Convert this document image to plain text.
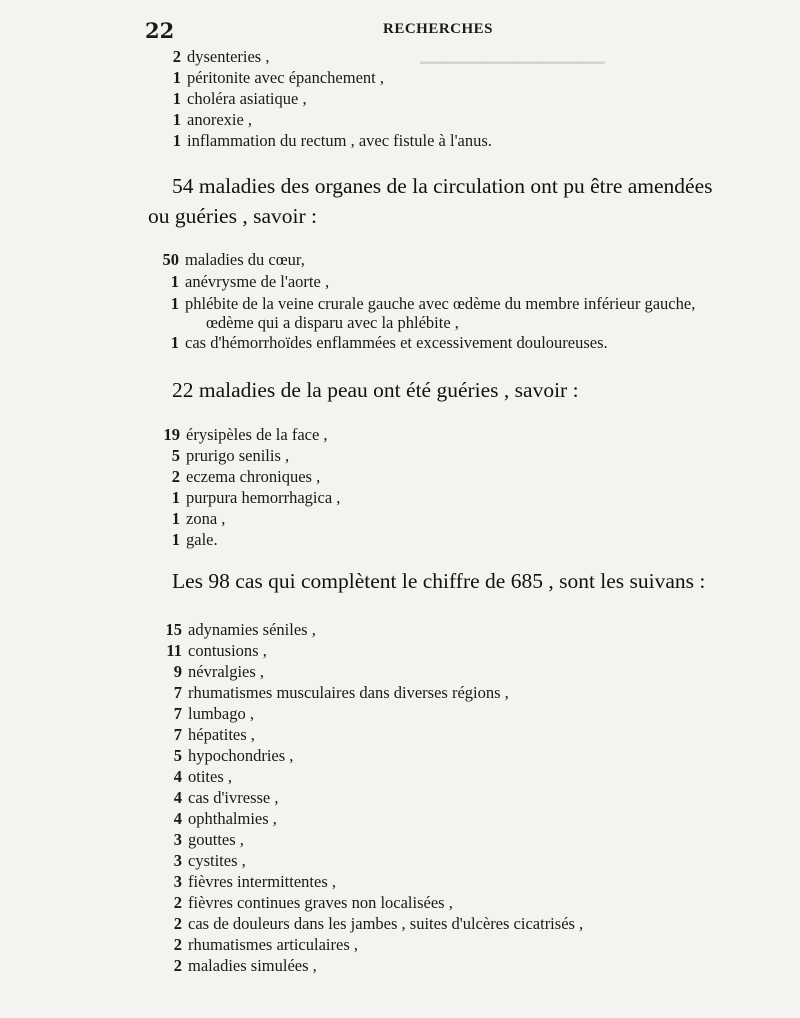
▁▁▁▁▁▁▁▁▁▁▁▁▁▁▁
22	RECHERCHES
2 dysenteries ,
1 péritonite avec épanchement ,
1 choléra asiatique ,
1 anorexie ,
1 inflammation du rectum , avec fistule à l'anus.
54 maladies des organes de la circulation ont pu être amendées
ou guéries , savoir :
50 maladies du cœur,
1 anévrysme de l'aorte ,
1 phlébite de la veine crurale gauche avec œdème du membre inférieur gauche,
œdème qui a disparu avec la phlébite ,
1 cas d'hémorrhoïdes enflammées et excessivement douloureuses.
22 maladies de la peau ont été guéries , savoir :
19 érysipèles de la face ,
5 prurigo senilis ,
2 eczema chroniques ,
1 purpura hemorrhagica ,
1 zona ,
1 gale.
Les 98 cas qui complètent le chiffre de 685 , sont les suivans :
15 adynamies séniles ,
11 contusions ,
9 névralgies ,
7 rhumatismes musculaires dans diverses régions ,
7 lumbago ,
7 hépatites ,
5 hypochondries ,
4 otites ,
4 cas d'ivresse ,
4 ophthalmies ,
3 gouttes ,
3 cystites ,
3 fièvres intermittentes ,
2 fièvres continues graves non localisées ,
2 cas de douleurs dans les jambes , suites d'ulcères cicatrisés ,
2 rhumatismes articulaires ,
2 maladies simulées ,
